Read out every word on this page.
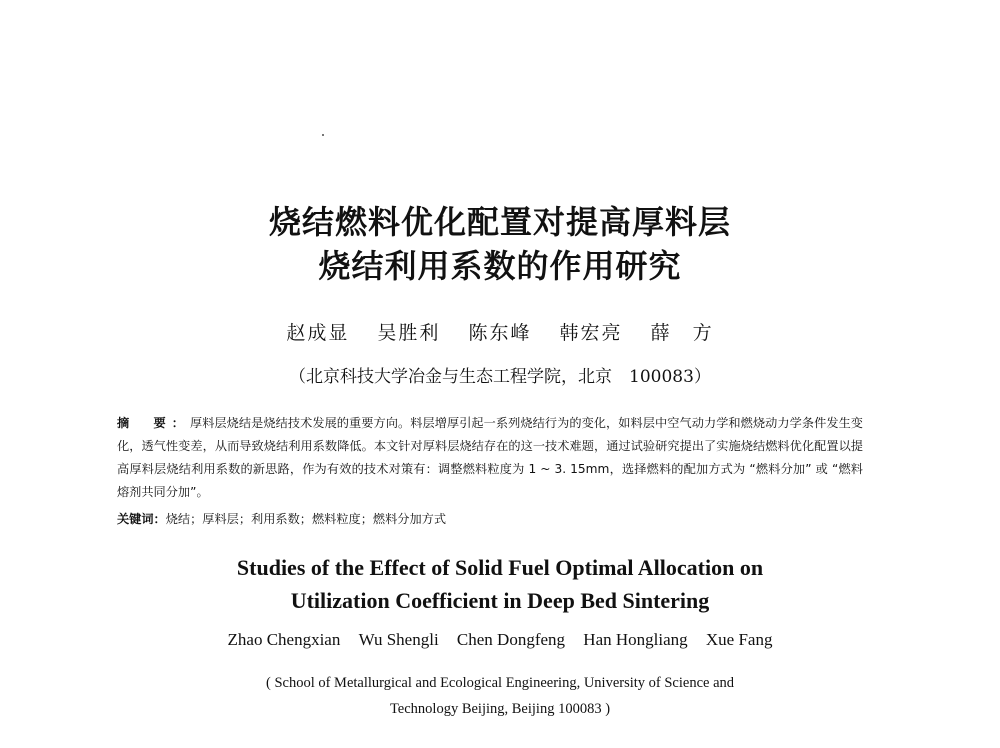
烧结燃料优化配置对提高厚料层
烧结利用系数的作用研究
赵成显 吴胜利 陈东峰 韩宏亮 薛　方
（北京科技大学冶金与生态工程学院，北京　100083）
摘　要：厚料层烧结是烧结技术发展的重要方向。料层增厚引起一系列烧结行为的变化，如料层中空气动力学和燃烧动力学条件发生变化，透气性变差，从而导致烧结利用系数降低。本文针对厚料层烧结存在的这一技术难题，通过试验研究提出了实施烧结燃料优化配置以提高厚料层烧结利用系数的新思路，作为有效的技术对策有：调整燃料粒度为 1 ~ 3. 15mm，选择燃料的配加方式为 “燃料分加” 或 “燃料熔剂共同分加”。
关键词：烧结；厚料层；利用系数；燃料粒度；燃料分加方式
Studies of the Effect of Solid Fuel Optimal Allocation on
Utilization Coefficient in Deep Bed Sintering
Zhao Chengxian Wu Shengli Chen Dongfeng Han Hongliang Xue Fang
( School of Metallurgical and Ecological Engineering, University of Science and
Technology Beijing, Beijing 100083 )
